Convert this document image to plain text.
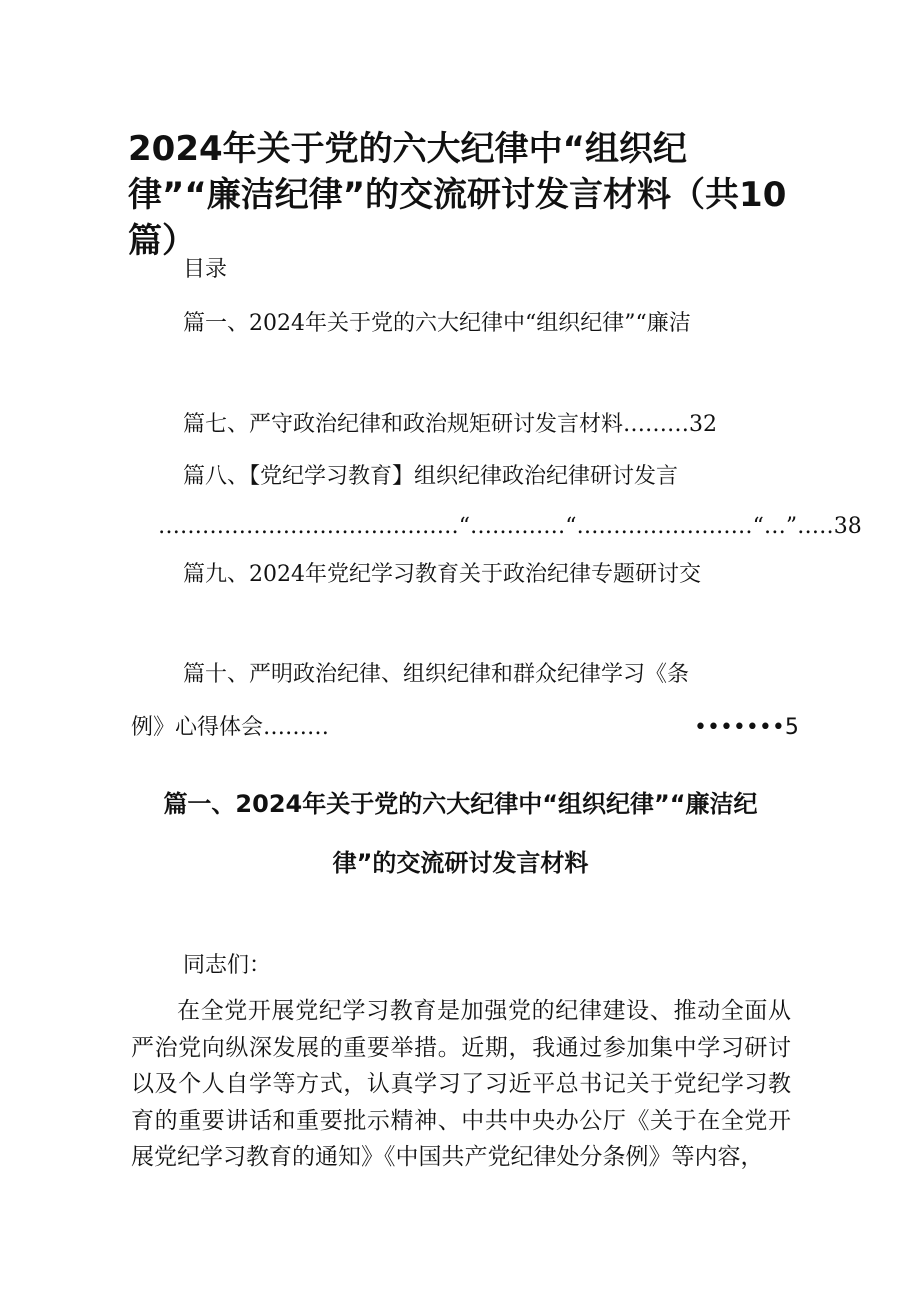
2024年关于党的六大纪律中“组织纪律”“廉洁纪律”的交流研讨发言材料（共10篇）
目录
篇一、2024年关于党的六大纪律中“组织纪律”“廉洁
篇七、严守政治纪律和政治规矩研讨发言材料………32
篇八、【党纪学习教育】组织纪律政治纪律研讨发言
‥…‥‥…‥…‥…………‥…‥…“…‥…‥…“…‥…‥…‥………“…”‥…38
篇九、2024年党纪学习教育关于政治纪律专题研讨交
篇十、严明政治纪律、组织纪律和群众纪律学习《条
例》心得体会………	•••••••5
篇一、2024年关于党的六大纪律中“组织纪律”“廉洁纪
律”的交流研讨发言材料
同志们：
在全党开展党纪学习教育是加强党的纪律建设、推动全面从严治党向纵深发展的重要举措。近期，我通过参加集中学习研讨以及个人自学等方式，认真学习了习近平总书记关于党纪学习教育的重要讲话和重要批示精神、中共中央办公厅《关于在全党开展党纪学习教育的通知》《中国共产党纪律处分条例》等内容，
